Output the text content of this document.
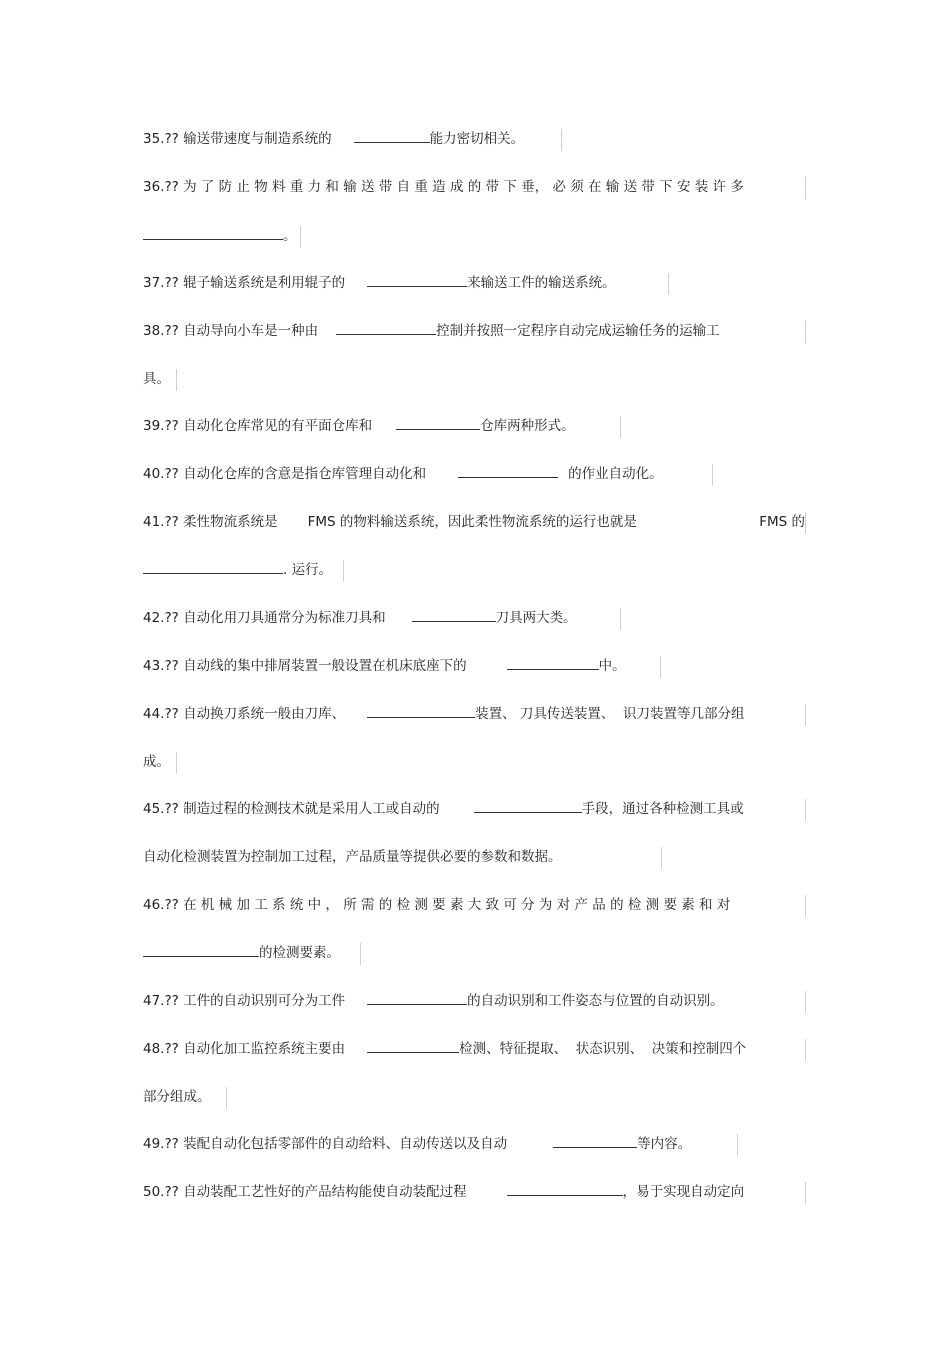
35.?? 输送带速度与制造系统的	能力密切相关。
36.?? 为 了 防 止 物 料 重 力 和 输 送 带 自 重 造 成 的 带 下 垂， 必 须 在 输 送 带 下 安 装 许 多
。
37.?? 辊子输送系统是利用辊子的	来输送工件的输送系统。
38.?? 自动导向小车是一种由	控制并按照一定程序自动完成运输任务的运输工
具。
39.?? 自动化仓库常见的有平面仓库和	仓库两种形式。
40.?? 自动化仓库的含意是指仓库管理自动化和	的作业自动化。
41.?? 柔性物流系统是 FMS 的物料输送系统，因此柔性物流系统的运行也就是	FMS 的
. 运行。
42.?? 自动化用刀具通常分为标准刀具和	刀具两大类。
43.?? 自动线的集中排屑装置一般设置在机床底座下的	中。
44.?? 自动换刀系统一般由刀库、	装置、 刀具传送装置、  识刀装置等几部分组
成。
45.?? 制造过程的检测技术就是采用人工或自动的	手段，通过各种检测工具或
自动化检测装置为控制加工过程，产品质量等提供必要的参数和数据。
46.?? 在 机 械 加 工 系 统 中 ， 所 需 的 检 测 要 素 大 致 可 分 为 对 产 品 的 检 测 要 素 和 对
的检测要素。
47.?? 工件的自动识别可分为工件	的自动识别和工件姿态与位置的自动识别。
48.?? 自动化加工监控系统主要由	检测、特征提取、  状态识别、  决策和控制四个
部分组成。
49.?? 装配自动化包括零部件的自动给料、自动传送以及自动	等内容。
50.?? 自动装配工艺性好的产品结构能使自动装配过程	，易于实现自动定向
